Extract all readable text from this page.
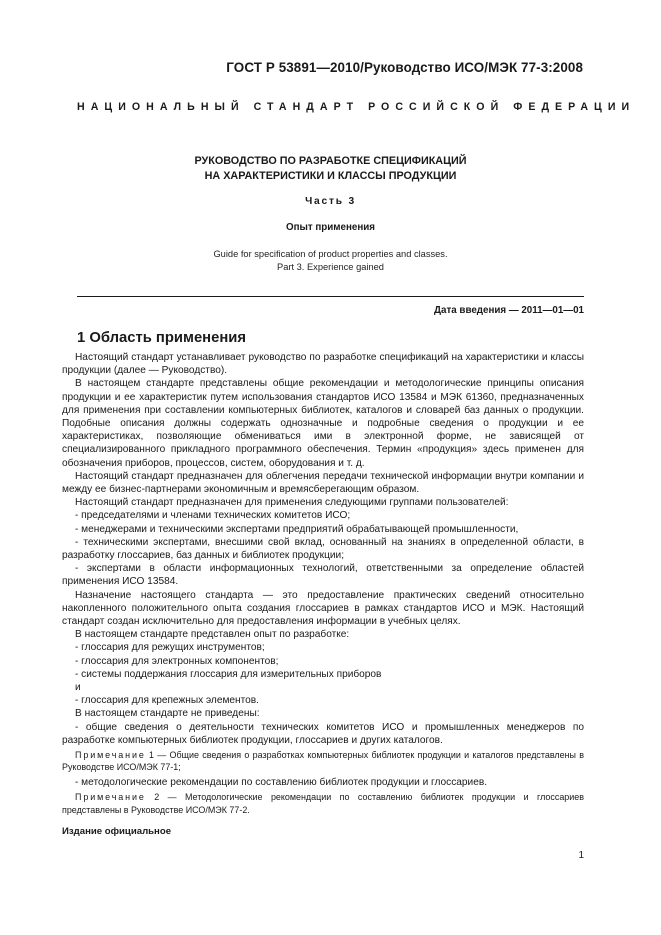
ГОСТ Р 53891—2010/Руководство ИСО/МЭК 77-3:2008
НАЦИОНАЛЬНЫЙ СТАНДАРТ РОССИЙСКОЙ ФЕДЕРАЦИИ
РУКОВОДСТВО ПО РАЗРАБОТКЕ СПЕЦИФИКАЦИЙ
НА ХАРАКТЕРИСТИКИ И КЛАССЫ ПРОДУКЦИИ
Часть 3
Опыт применения
Guide for specification of product properties and classes.
Part 3. Experience gained
Дата введения — 2011—01—01
1 Область применения

Настоящий стандарт устанавливает руководство по разработке спецификаций на характеристики и классы продукции (далее — Руководство).

В настоящем стандарте представлены общие рекомендации и методологические принципы описания продукции и ее характеристик путем использования стандартов ИСО 13584 и МЭК 61360, предназначенных для применения при составлении компьютерных библиотек, каталогов и словарей баз данных о продукции. Подобные описания должны содержать однозначные и подробные сведения о продукции и ее характеристиках, позволяющие обмениваться ими в электронной форме, не зависящей от специализированного прикладного программного обеспечения. Термин «продукция» здесь применен для обозначения приборов, процессов, систем, оборудования и т. д.

Настоящий стандарт предназначен для облегчения передачи технической информации внутри компании и между ее бизнес-партнерами экономичным и времясберегающим образом.

Настоящий стандарт предназначен для применения следующими группами пользователей:

- председателями и членами технических комитетов ИСО;

- менеджерами и техническими экспертами предприятий обрабатывающей промышленности,

- техническими экспертами, внесшими свой вклад, основанный на знаниях в определенной области, в разработку глоссариев, баз данных и библиотек продукции;

- экспертами в области информационных технологий, ответственными за определение областей применения ИСО 13584.

Назначение настоящего стандарта — это предоставление практических сведений относительно накопленного положительного опыта создания глоссариев в рамках стандартов ИСО и МЭК. Настоящий стандарт создан исключительно для предоставления информации в учебных целях.

В настоящем стандарте представлен опыт по разработке:

- глоссария для режущих инструментов;

- глоссария для электронных компонентов;

- системы поддержания глоссария для измерительных приборов

и

- глоссария для крепежных элементов.

В настоящем стандарте не приведены:

- общие сведения о деятельности технических комитетов ИСО и промышленных менеджеров по разработке компьютерных библиотек продукции, глоссариев и других каталогов.

Примечание 1 — Общие сведения о разработках компьютерных библиотек продукции и каталогов представлены в Руководстве ИСО/МЭК 77-1;

- методологические рекомендации по составлению библиотек продукции и глоссариев.

Примечание 2 — Методологические рекомендации по составлению библиотек продукции и глоссариев представлены в Руководстве ИСО/МЭК 77-2.

Издание официальное
1
